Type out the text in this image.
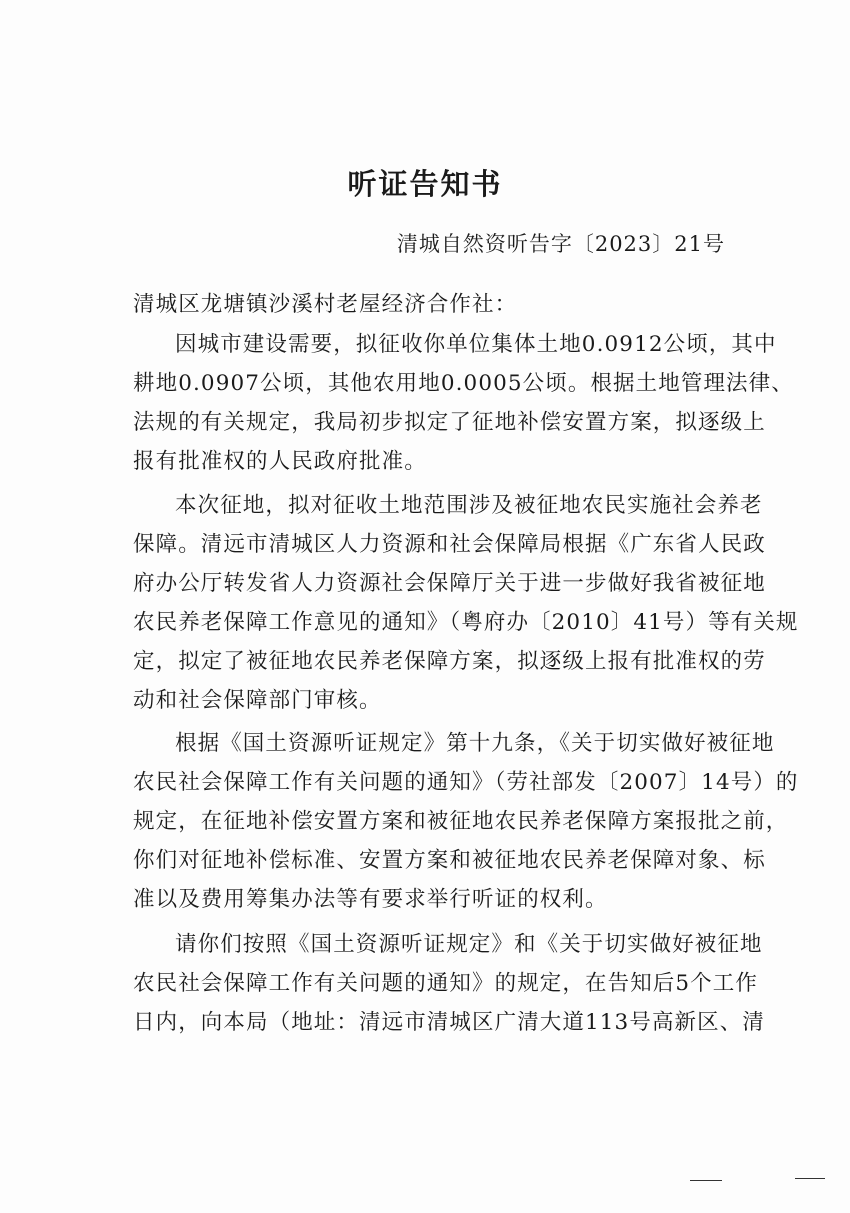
听证告知书
清城自然资听告字〔2023〕21号
清城区龙塘镇沙溪村老屋经济合作社：
因城市建设需要，拟征收你单位集体土地0.0912公顷，其中
耕地0.0907公顷，其他农用地0.0005公顷。根据土地管理法律、
法规的有关规定，我局初步拟定了征地补偿安置方案，拟逐级上
报有批准权的人民政府批准。
本次征地，拟对征收土地范围涉及被征地农民实施社会养老
保障。清远市清城区人力资源和社会保障局根据《广东省人民政
府办公厅转发省人力资源社会保障厅关于进一步做好我省被征地
农民养老保障工作意见的通知》（粤府办〔2010〕41号）等有关规
定，拟定了被征地农民养老保障方案，拟逐级上报有批准权的劳
动和社会保障部门审核。
根据《国土资源听证规定》第十九条，《关于切实做好被征地
农民社会保障工作有关问题的通知》（劳社部发〔2007〕14号）的
规定，在征地补偿安置方案和被征地农民养老保障方案报批之前，
你们对征地补偿标准、安置方案和被征地农民养老保障对象、标
准以及费用筹集办法等有要求举行听证的权利。
请你们按照《国土资源听证规定》和《关于切实做好被征地
农民社会保障工作有关问题的通知》的规定，在告知后5个工作
日内，向本局（地址：清远市清城区广清大道113号高新区、清
